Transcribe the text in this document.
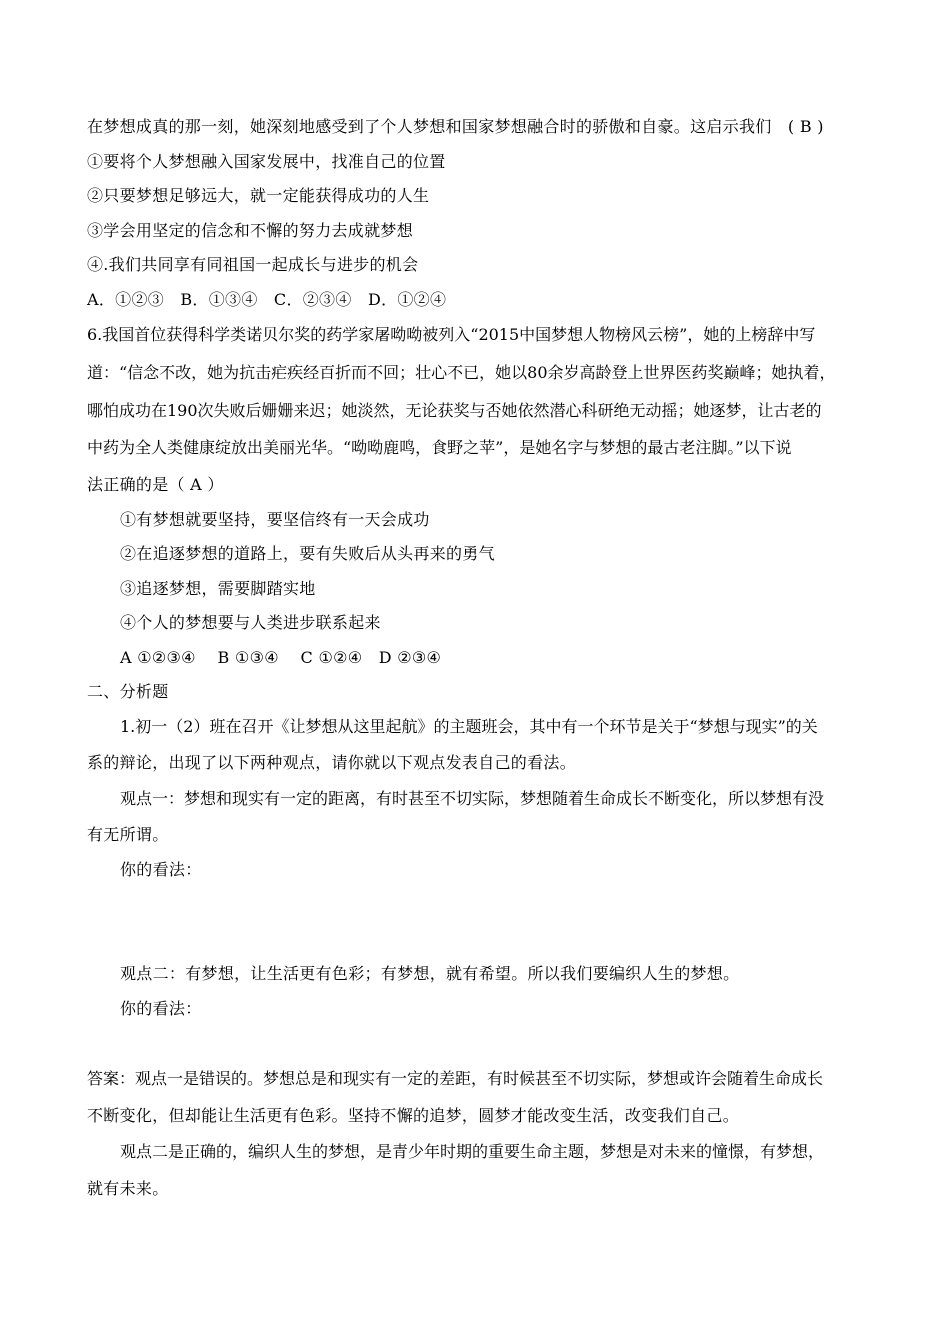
在梦想成真的那一刻，她深刻地感受到了个人梦想和国家梦想融合时的骄傲和自豪。这启示我们　( B )
①要将个人梦想融入国家发展中，找准自己的位置
②只要梦想足够远大，就一定能获得成功的人生
③学会用坚定的信念和不懈的努力去成就梦想
④.我们共同享有同祖国一起成长与进步的机会
A．①②③　B．①③④　C．②③④　D．①②④
6.我国首位获得科学类诺贝尔奖的药学家屠呦呦被列入“2015中国梦想人物榜风云榜”，她的上榜辞中写
道：“信念不改，她为抗击疟疾经百折而不回；壮心不已，她以80余岁高龄登上世界医药奖巅峰；她执着，
哪怕成功在190次失败后姗姗来迟；她淡然，无论获奖与否她依然潜心科研绝无动摇；她逐梦，让古老的
中药为全人类健康绽放出美丽光华。“呦呦鹿鸣，食野之苹”，是她名字与梦想的最古老注脚。”以下说
法正确的是（ A ）
①有梦想就要坚持，要坚信终有一天会成功
②在追逐梦想的道路上，要有失败后从头再来的勇气
③追逐梦想，需要脚踏实地
④个人的梦想要与人类进步联系起来
A ①②③④　 B ①③④　 C ①②④　D ②③④
二、分析题
1.初一（2）班在召开《让梦想从这里起航》的主题班会，其中有一个环节是关于“梦想与现实”的关
系的辩论，出现了以下两种观点，请你就以下观点发表自己的看法。
观点一：梦想和现实有一定的距离，有时甚至不切实际，梦想随着生命成长不断变化，所以梦想有没
有无所谓。
你的看法：
观点二：有梦想，让生活更有色彩；有梦想，就有希望。所以我们要编织人生的梦想。
你的看法：
答案：观点一是错误的。梦想总是和现实有一定的差距，有时候甚至不切实际，梦想或许会随着生命成长
不断变化，但却能让生活更有色彩。坚持不懈的追梦，圆梦才能改变生活，改变我们自己。
观点二是正确的，编织人生的梦想，是青少年时期的重要生命主题，梦想是对未来的憧憬，有梦想，
就有未来。
